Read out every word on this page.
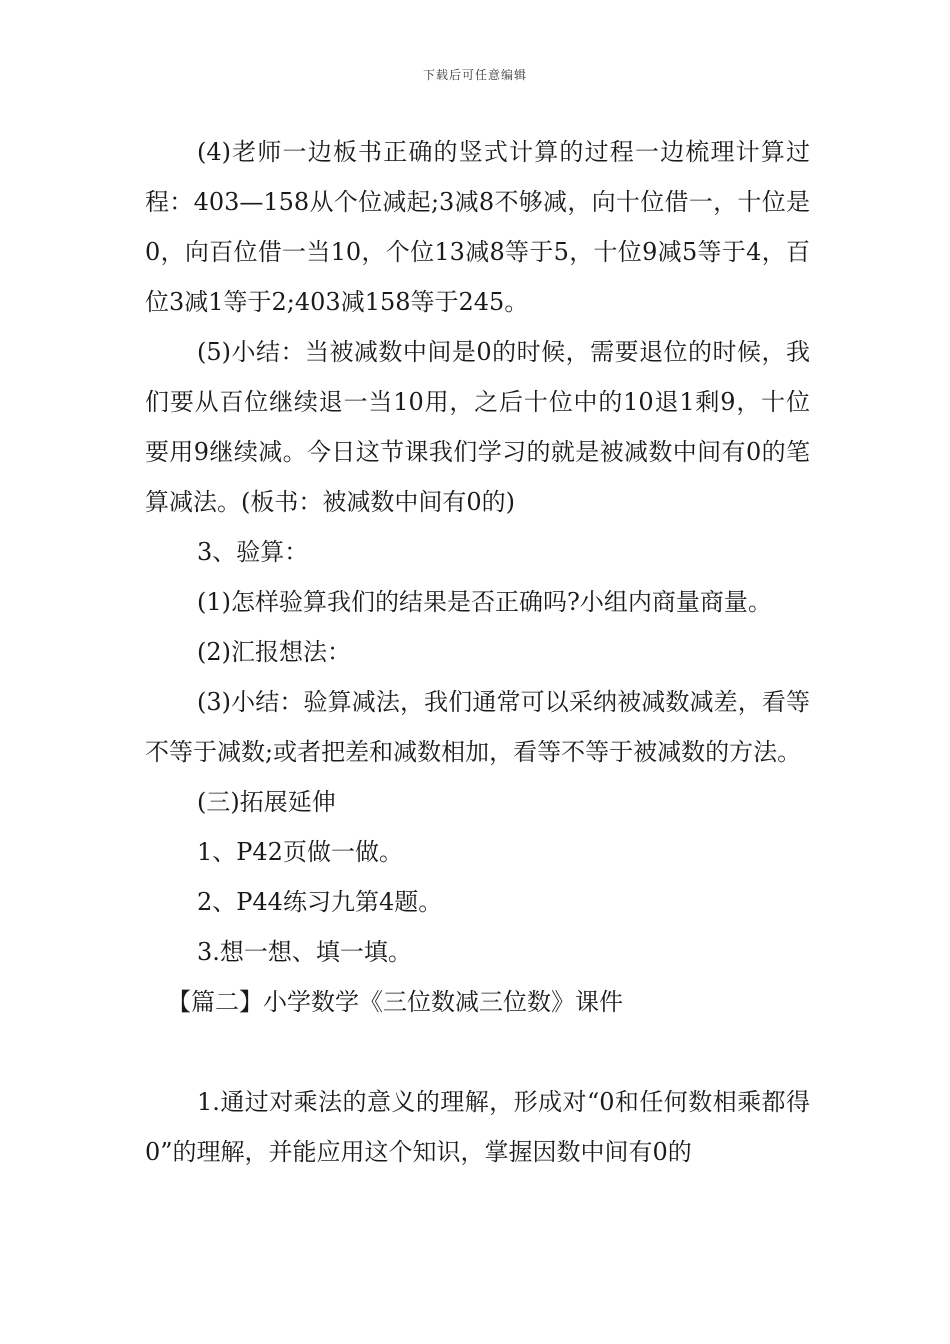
下载后可任意编辑

(4)老师一边板书正确的竖式计算的过程一边梳理计算过程：403—158从个位减起;3减8不够减，向十位借一，十位是0，向百位借一当10，个位13减8等于5，十位9减5等于4，百位3减1等于2;403减158等于245。

(5)小结：当被减数中间是0的时候，需要退位的时候，我们要从百位继续退一当10用，之后十位中的10退1剩9，十位要用9继续减。今日这节课我们学习的就是被减数中间有0的笔算减法。(板书：被减数中间有0的)

3、验算：

(1)怎样验算我们的结果是否正确吗?小组内商量商量。

(2)汇报想法：

(3)小结：验算减法，我们通常可以采纳被减数减差，看等不等于减数;或者把差和减数相加，看等不等于被减数的方法。

(三)拓展延伸

1、P42页做一做。

2、P44练习九第4题。

3.想一想、填一填。

【篇二】小学数学《三位数减三位数》课件

1.通过对乘法的意义的理解，形成对“0和任何数相乘都得0”的理解，并能应用这个知识，掌握因数中间有0的
